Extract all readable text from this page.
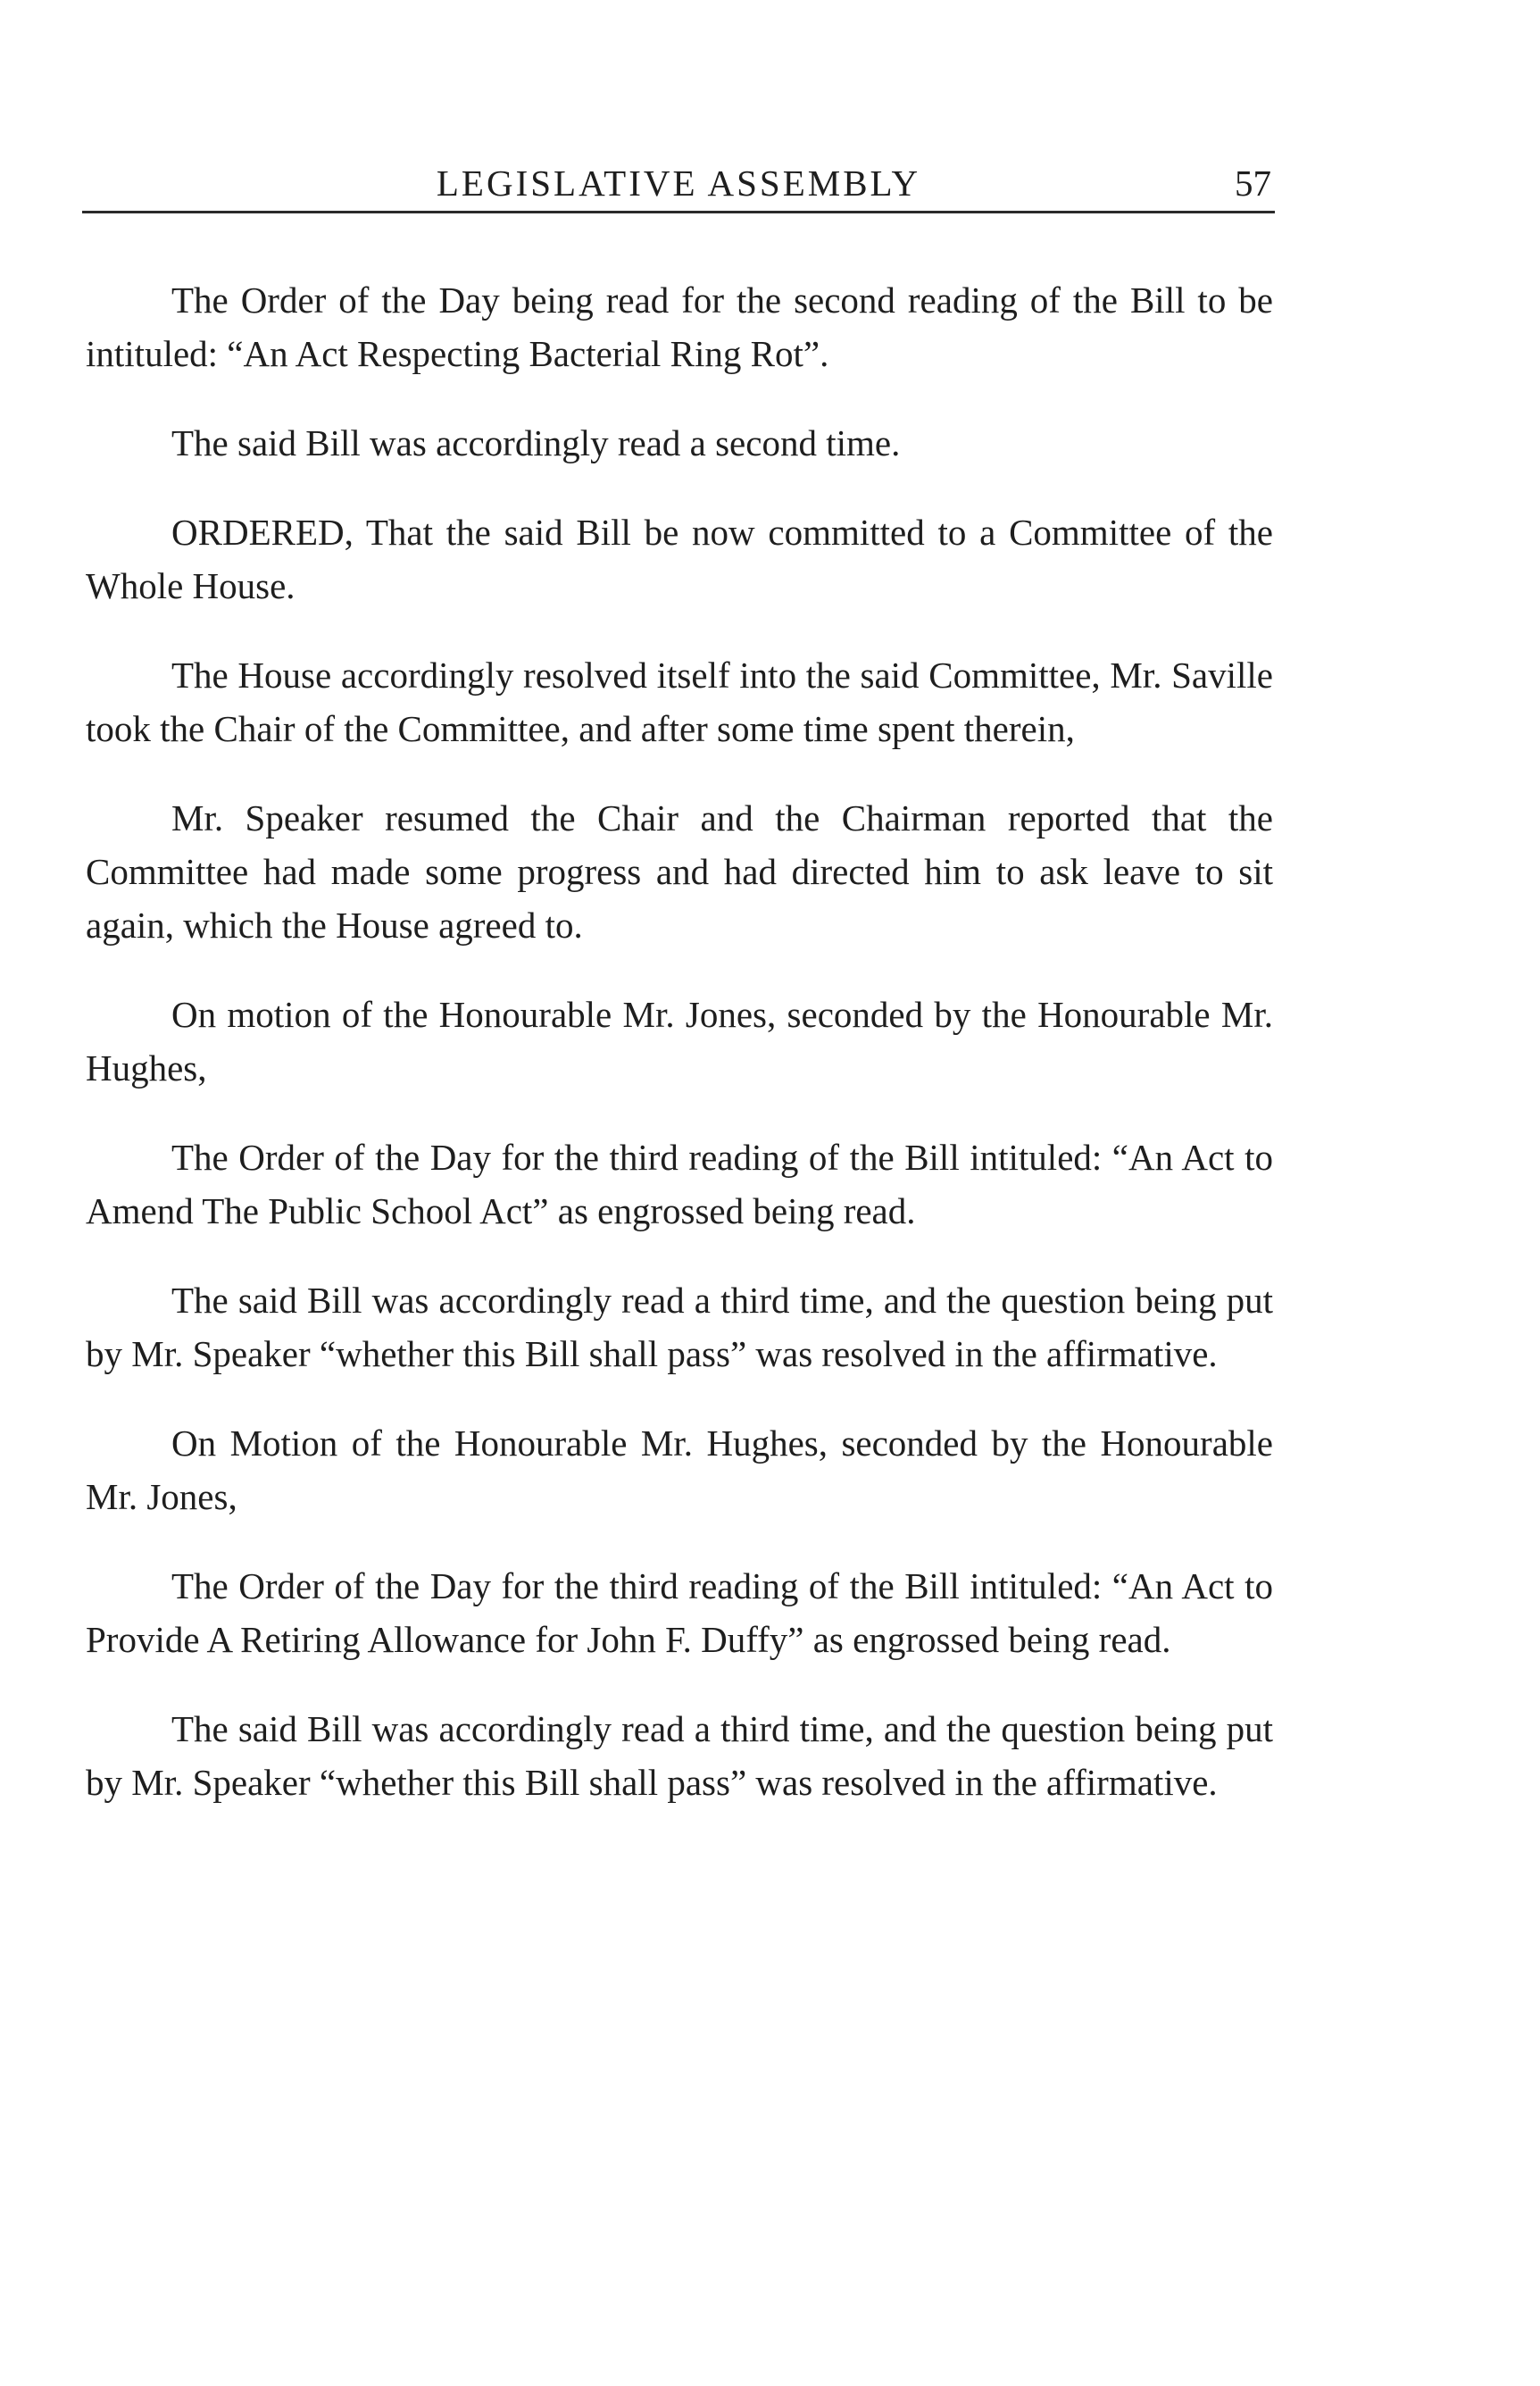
LEGISLATIVE ASSEMBLY	57

The Order of the Day being read for the second reading of the Bill to be intituled: “An Act Respecting Bacterial Ring Rot”.

The said Bill was accordingly read a second time.

ORDERED, That the said Bill be now committed to a Committee of the Whole House.

The House accordingly resolved itself into the said Committee, Mr. Saville took the Chair of the Committee, and after some time spent therein,

Mr. Speaker resumed the Chair and the Chairman reported that the Committee had made some progress and had directed him to ask leave to sit again, which the House agreed to.

On motion of the Honourable Mr. Jones, seconded by the Honourable Mr. Hughes,

The Order of the Day for the third reading of the Bill intituled: “An Act to Amend The Public School Act” as engrossed being read.

The said Bill was accordingly read a third time, and the question being put by Mr. Speaker “whether this Bill shall pass” was resolved in the affirmative.

On Motion of the Honourable Mr. Hughes, seconded by the Honourable Mr. Jones,

The Order of the Day for the third reading of the Bill intituled: “An Act to Provide A Retiring Allowance for John F. Duffy” as engrossed being read.

The said Bill was accordingly read a third time, and the question being put by Mr. Speaker “whether this Bill shall pass” was resolved in the affirmative.
